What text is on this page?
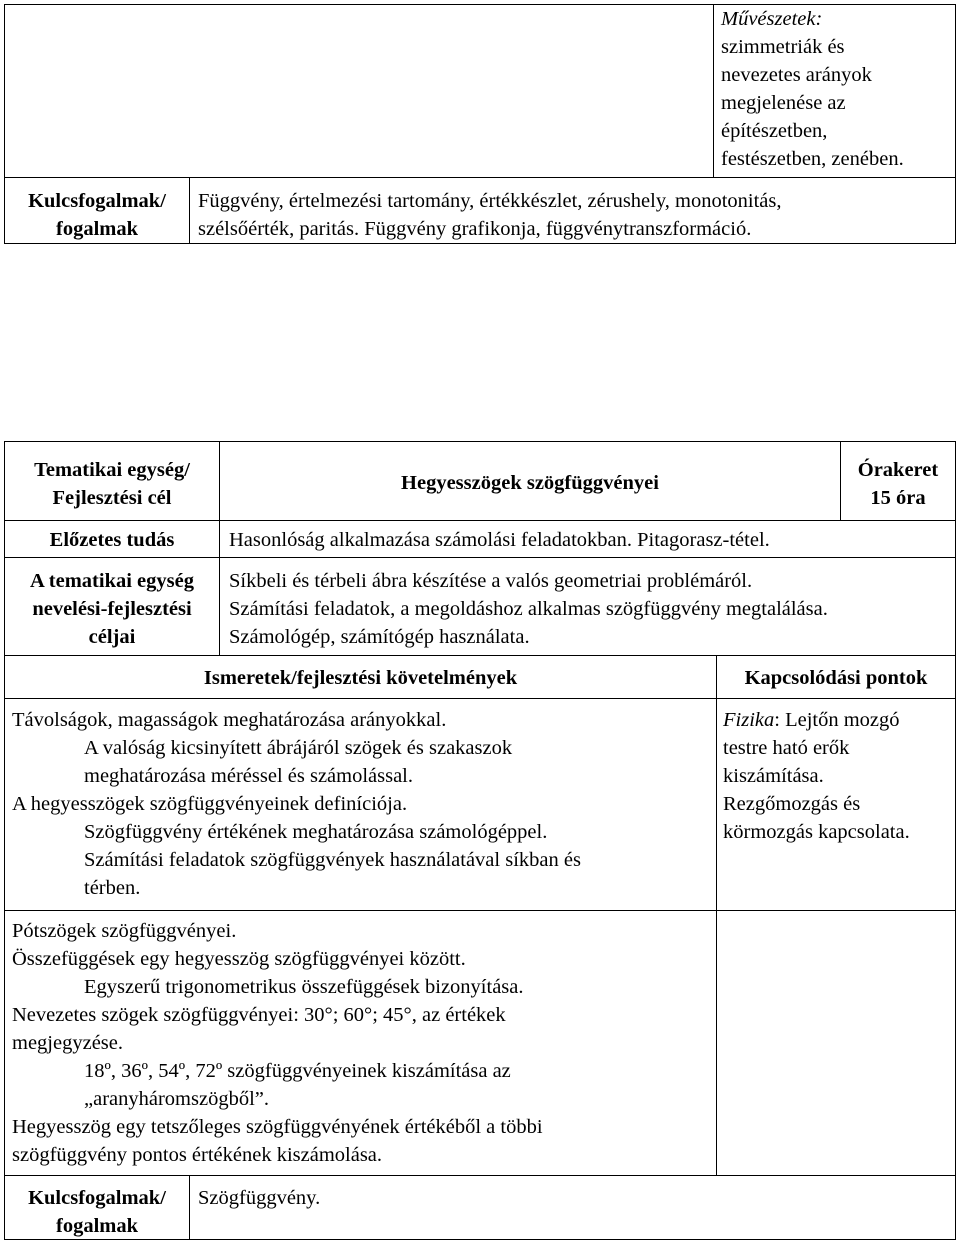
Művészetek:
szimmetriák és
nevezetes arányok
megjelenése az
építészetben,
festészetben, zenében.
Kulcsfogalmak/
fogalmak
Függvény, értelmezési tartomány, értékkészlet, zérushely, monotonitás,
szélsőérték, paritás. Függvény grafikonja, függvénytranszformáció.
Tematikai egység/
Fejlesztési cél
Hegyesszögek szögfüggvényei
Órakeret
15 óra
Előzetes tudás	Hasonlóság alkalmazása számolási feladatokban. Pitagorasz-tétel.
A tematikai egység
nevelési-fejlesztési
céljai
Síkbeli és térbeli ábra készítése a valós geometriai problémáról.
Számítási feladatok, a megoldáshoz alkalmas szögfüggvény megtalálása.
Számológép, számítógép használata.
Ismeretek/fejlesztési követelmények	Kapcsolódási pontok
Távolságok, magasságok meghatározása arányokkal.
A valóság kicsinyített ábrájáról szögek és szakaszok
meghatározása méréssel és számolással.
A hegyesszögek szögfüggvényeinek definíciója.
Szögfüggvény értékének meghatározása számológéppel.
Számítási feladatok szögfüggvények használatával síkban és
térben.
Fizika: Lejtőn mozgó
testre ható erők
kiszámítása.
Rezgőmozgás és
körmozgás kapcsolata.
Pótszögek szögfüggvényei.
Összefüggések egy hegyesszög szögfüggvényei között.
Egyszerű trigonometrikus összefüggések bizonyítása.
Nevezetes szögek szögfüggvényei: 30°; 60°; 45°, az értékek
megjegyzése.
18º, 36º, 54º, 72º szögfüggvényeinek kiszámítása az
„aranyháromszögből”.
Hegyesszög egy tetszőleges szögfüggvényének értékéből a többi
szögfüggvény pontos értékének kiszámolása.
Kulcsfogalmak/
fogalmak
Szögfüggvény.
